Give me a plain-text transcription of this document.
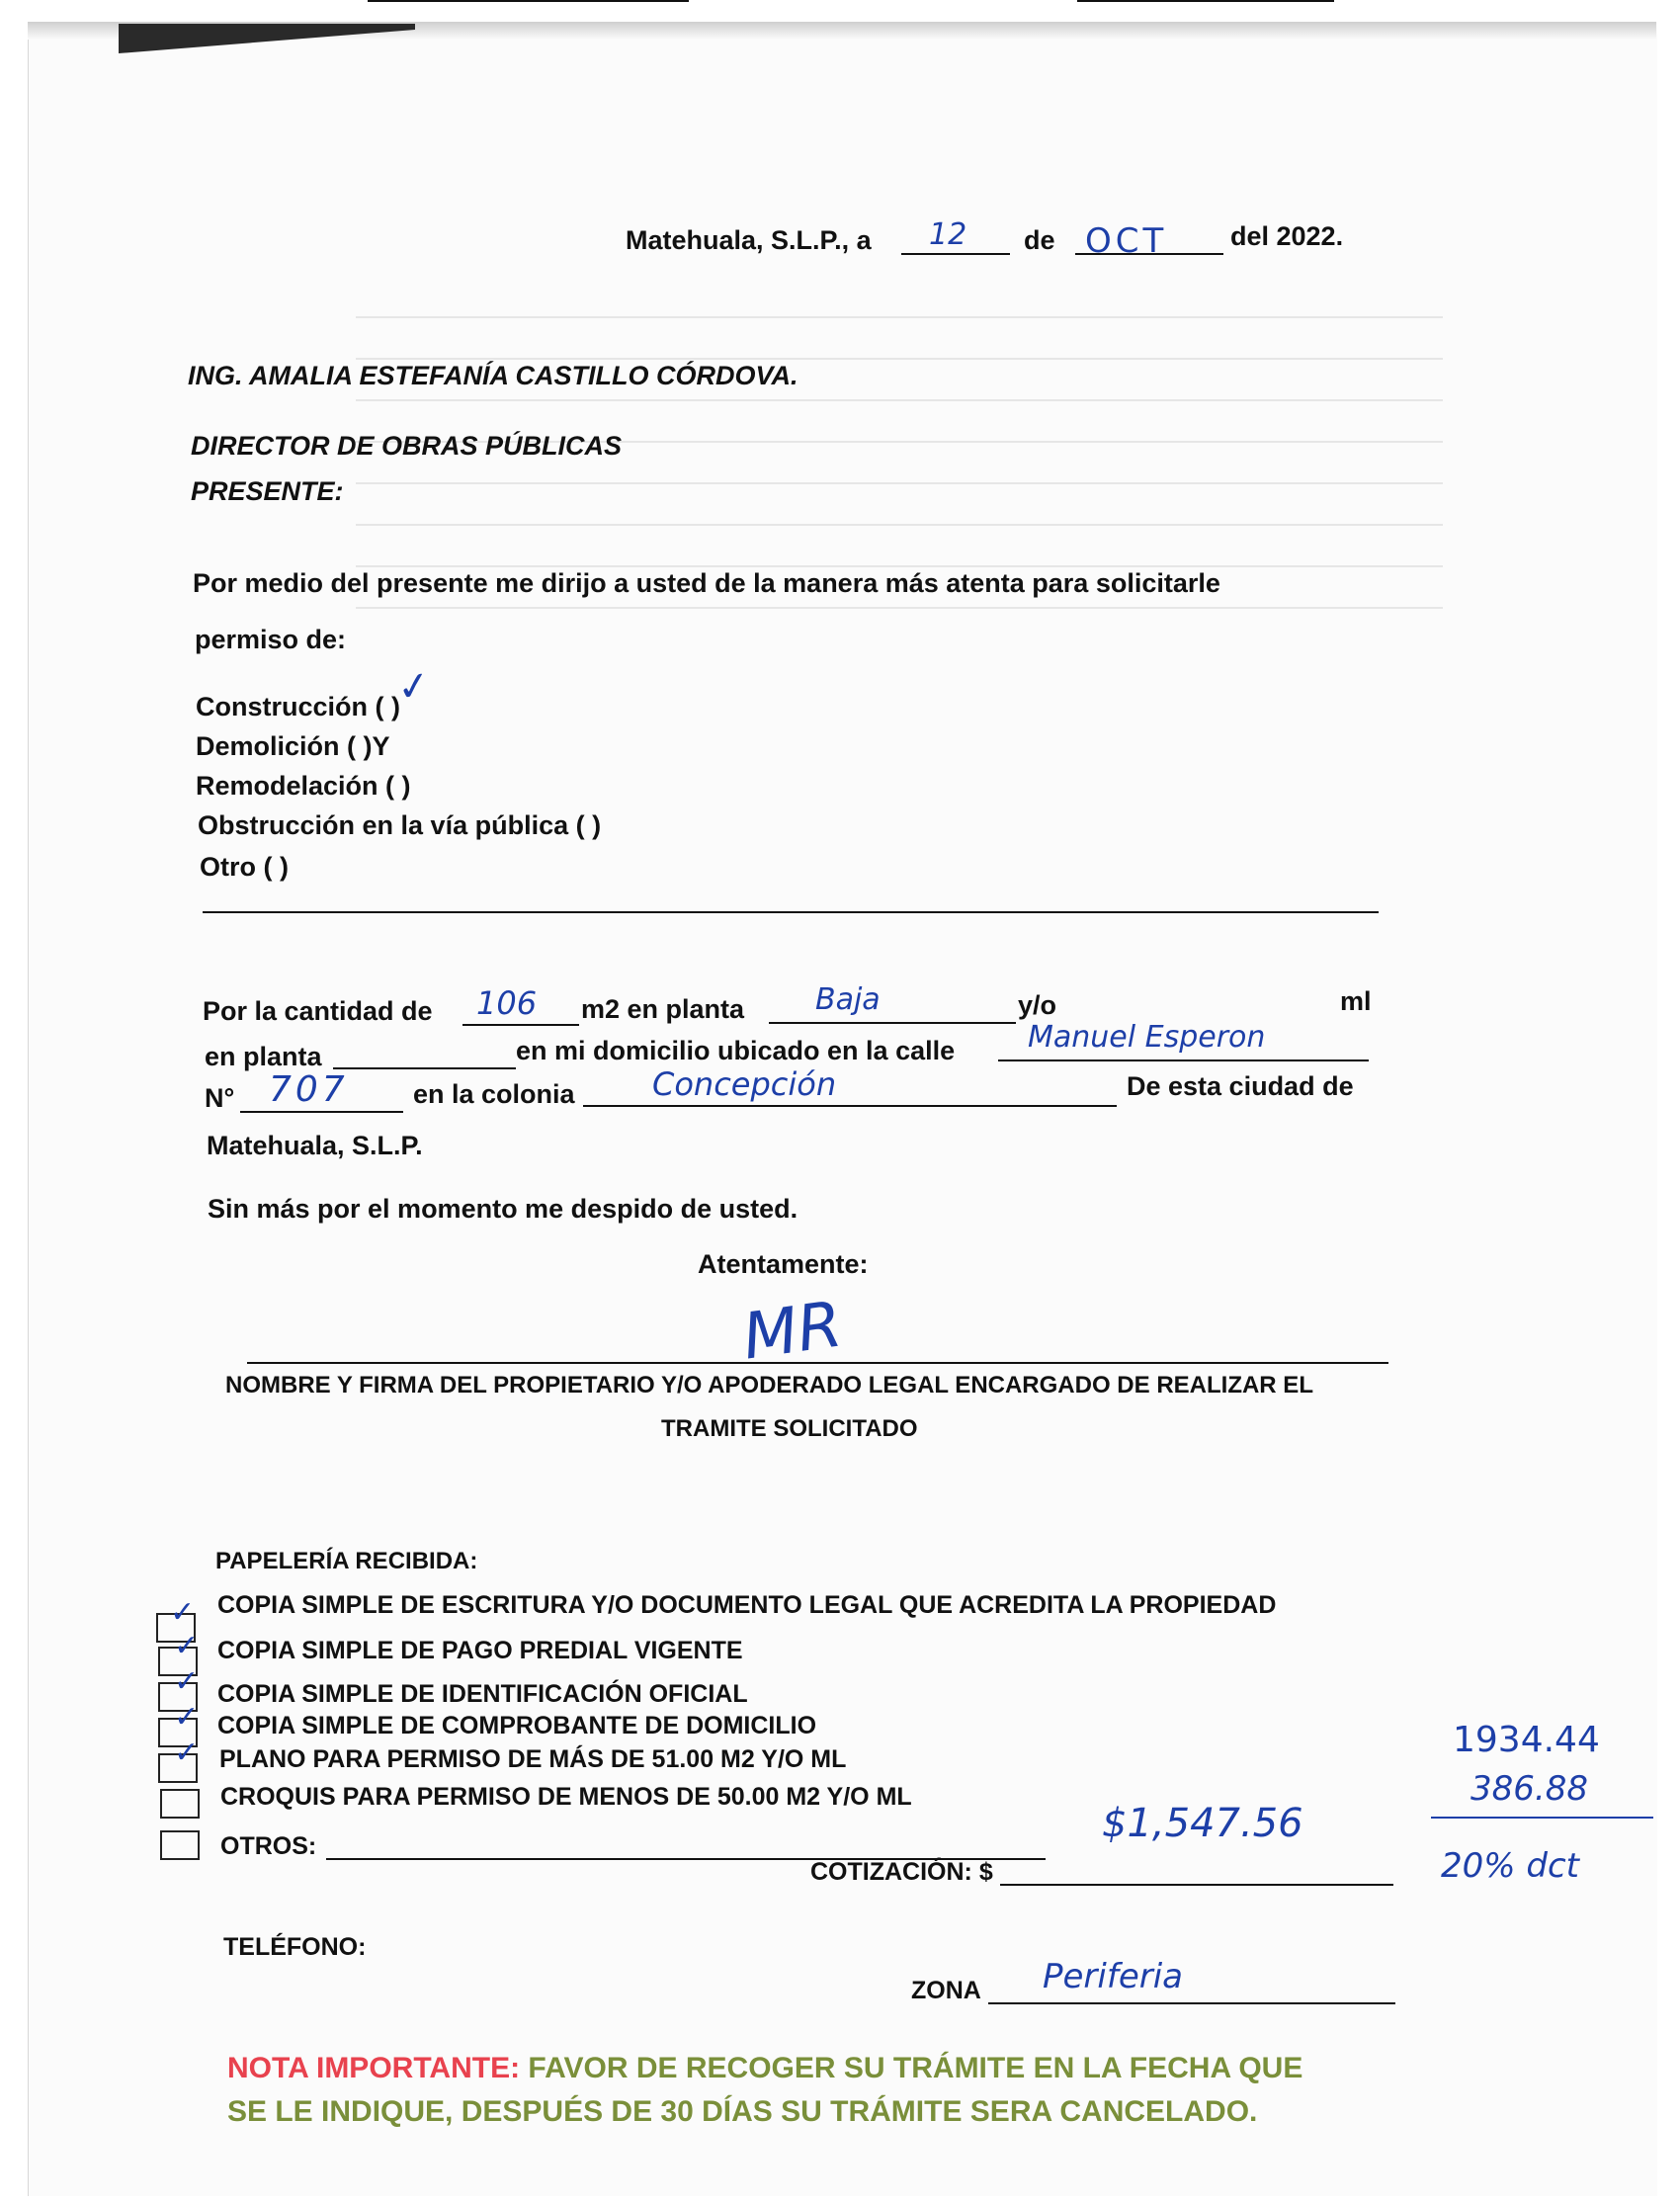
Matehuala, S.L.P., a 12 de OCT del 2022.
ING. AMALIA ESTEFANÍA CASTILLO CÓRDOVA.
DIRECTOR DE OBRAS PÚBLICAS
PRESENTE:
Por medio del presente me dirijo a usted de la manera más atenta para solicitarle
permiso de:
Construcción ( )
✓
Demolición ( )Y
Remodelación ( )
Obstrucción en la vía pública ( )
Otro ( )
Por la cantidad de 106 m2 en planta Baja	y/o	ml
en planta	en mi domicilio ubicado en la calle Manuel Esperon
N° 707 en la colonia Concepción	De esta ciudad de
Matehuala, S.L.P.
Sin más por el momento me despido de usted.
Atentamente:
MR
NOMBRE Y FIRMA DEL PROPIETARIO Y/O APODERADO LEGAL ENCARGADO DE REALIZAR EL
TRAMITE SOLICITADO
PAPELERÍA RECIBIDA:
✓ COPIA SIMPLE DE ESCRITURA Y/O DOCUMENTO LEGAL QUE ACREDITA LA PROPIEDAD
✓ COPIA SIMPLE DE PAGO PREDIAL VIGENTE
✓ COPIA SIMPLE DE IDENTIFICACIÓN OFICIAL
✓ COPIA SIMPLE DE COMPROBANTE DE DOMICILIO
✓ PLANO PARA PERMISO DE MÁS DE 51.00 M2 Y/O ML
CROQUIS PARA PERMISO DE MENOS DE 50.00 M2 Y/O ML
OTROS:	$1,547.56
COTIZACIÓN: $
1934.44
386.88
20% dct
TELÉFONO:
ZONA Periferia
NOTA IMPORTANTE: FAVOR DE RECOGER SU TRÁMITE EN LA FECHA QUE
SE LE INDIQUE, DESPUÉS DE 30 DÍAS SU TRÁMITE SERA CANCELADO.
